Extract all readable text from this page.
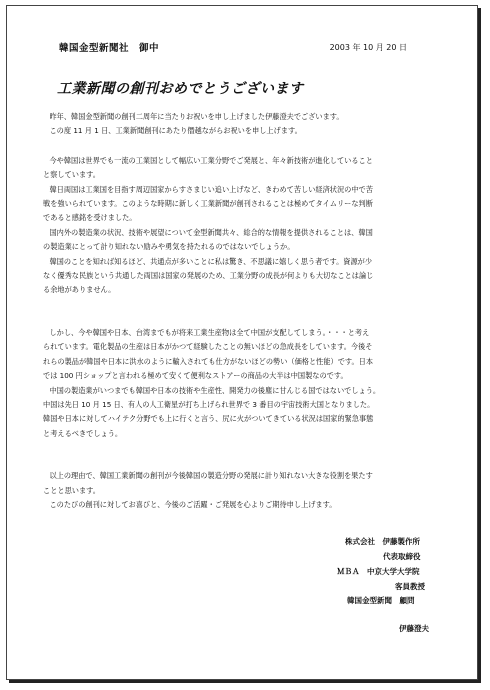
韓国金型新聞社　御中	2003 年 10 月 20 日
工業新聞の創刊おめでとうございます

昨年、韓国金型新聞の創刊二周年に当たりお祝いを申し上げました伊藤澄夫でございます。

この度 11 月 1 日、工業新聞創刊にあたり僭越ながらお祝いを申し上げます。

今や韓国は世界でも一流の工業国として幅広い工業分野でご発展と、年々新技術が進化していること

と察しています。

韓日両国は工業国を目指す周辺国家からすさまじい追い上げなど、きわめて苦しい経済状況の中で苦

戦を強いられています。このような時期に新しく工業新聞が創刊されることは極めてタイムリーな判断

であると感銘を受けました。

国内外の製造業の状況、技術や展望について金型新聞共々、総合的な情報を提供されることは、韓国

の製造業にとって計り知れない励みや勇気を持たれるのではないでしょうか。

韓国のことを知れば知るほど、共通点が多いことに私は驚き、不思議に嬉しく思う者です。資源が少

なく優秀な民族という共通した両国は国家の発展のため、工業分野の成長が何よりも大切なことは論じ

る余地がありません。

しかし、今や韓国や日本、台湾までもが将来工業生産物は全て中国が支配してしまう。・・・と考え

られています。電化製品の生産は日本がかつて経験したことの無いほどの急成長をしています。今後そ

れらの製品が韓国や日本に洪水のように輸入されても仕方がないほどの勢い（価格と性能）です。日本

では 100 円ショップと言われる極めて安くて便利なストアーの商品の大半は中国製なのです。

中国の製造業がいつまでも韓国や日本の技術や生産性、開発力の後塵に甘んじる国ではないでしょう。

中国は先日 10 月 15 日、有人の人工衛星が打ち上げられ世界で 3 番目の宇宙技術大国となりました。

韓国や日本に対してハイテク分野でも上に行くと言う、尻に火がついてきている状況は国家的緊急事態

と考えるべきでしょう。

以上の理由で、韓国工業新聞の創刊が今後韓国の製造分野の発展に計り知れない大きな役割を果たす

ことと思います。

このたびの創刊に対してお喜びと、今後のご活躍・ご発展を心よりご期待申し上げます。

株式会社　伊藤製作所
代表取締役
ＭＢＡ　中京大学大学院
客員教授
韓国金型新聞　顧問
伊藤澄夫
